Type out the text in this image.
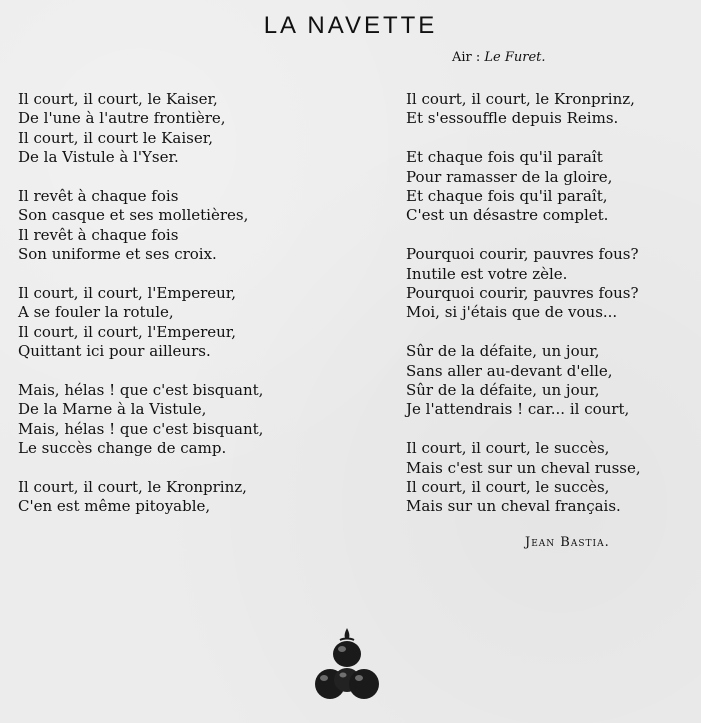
LA NAVETTE
Air : Le Furet.
Il court, il court, le Kaiser,
De l'une à l'autre frontière,
Il court, il court le Kaiser,
De la Vistule à l'Yser.
Il revêt à chaque fois
Son casque et ses molletières,
Il revêt à chaque fois
Son uniforme et ses croix.
Il court, il court, l'Empereur,
A se fouler la rotule,
Il court, il court, l'Empereur,
Quittant ici pour ailleurs.
Mais, hélas ! que c'est bisquant,
De la Marne à la Vistule,
Mais, hélas ! que c'est bisquant,
Le succès change de camp.
Il court, il court, le Kronprinz,
C'en est même pitoyable,
Il court, il court, le Kronprinz,
Et s'essouffle depuis Reims.
Et chaque fois qu'il paraît
Pour ramasser de la gloire,
Et chaque fois qu'il paraît,
C'est un désastre complet.
Pourquoi courir, pauvres fous?
Inutile est votre zèle.
Pourquoi courir, pauvres fous?
Moi, si j'étais que de vous...
Sûr de la défaite, un jour,
Sans aller au-devant d'elle,
Sûr de la défaite, un jour,
Je l'attendrais ! car... il court,
Il court, il court, le succès,
Mais c'est sur un cheval russe,
Il court, il court, le succès,
Mais sur un cheval français.
Jean Bastia.
